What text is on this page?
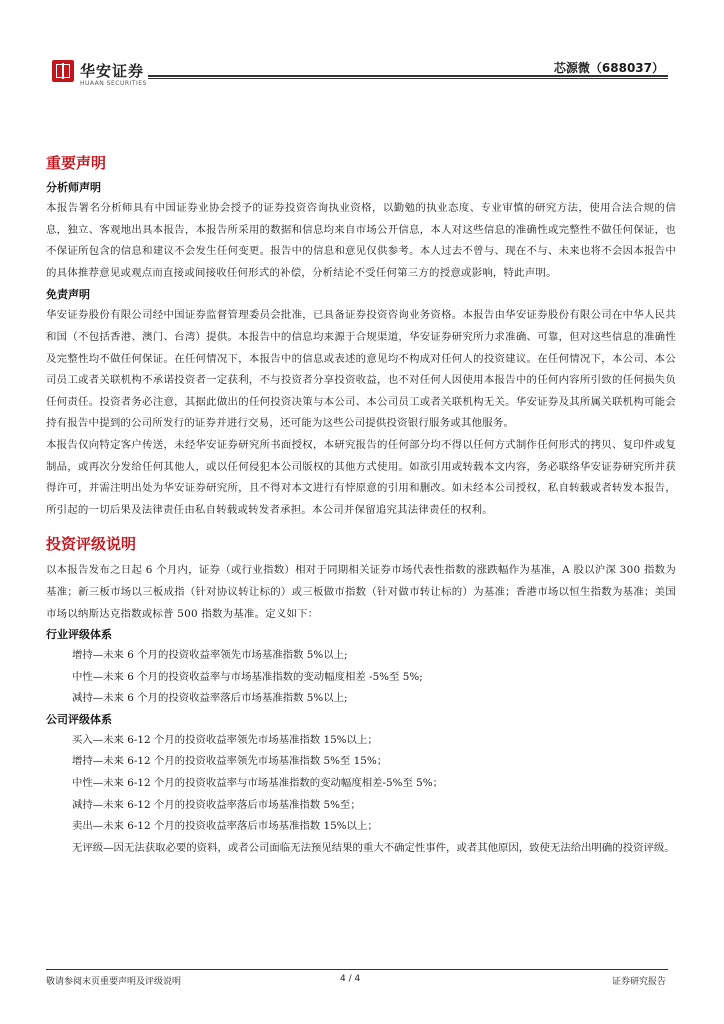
华安证券
HUAAN SECURITIES
芯源微（688037）
重要声明
分析师声明

本报告署名分析师具有中国证券业协会授予的证券投资咨询执业资格，以勤勉的执业态度、专业审慎的研究方法，使用合法合规的信息，独立、客观地出具本报告，本报告所采用的数据和信息均来自市场公开信息，本人对这些信息的准确性或完整性不做任何保证，也不保证所包含的信息和建议不会发生任何变更。报告中的信息和意见仅供参考。本人过去不曾与、现在不与、未来也将不会因本报告中的具体推荐意见或观点而直接或间接收任何形式的补偿，分析结论不受任何第三方的授意或影响，特此声明。

免责声明

华安证券股份有限公司经中国证券监督管理委员会批准，已具备证券投资咨询业务资格。本报告由华安证券股份有限公司在中华人民共和国（不包括香港、澳门、台湾）提供。本报告中的信息均来源于合规渠道，华安证券研究所力求准确、可靠，但对这些信息的准确性及完整性均不做任何保证。在任何情况下，本报告中的信息或表述的意见均不构成对任何人的投资建议。在任何情况下，本公司、本公司员工或者关联机构不承诺投资者一定获利，不与投资者分享投资收益，也不对任何人因使用本报告中的任何内容所引致的任何损失负任何责任。投资者务必注意，其据此做出的任何投资决策与本公司、本公司员工或者关联机构无关。华安证券及其所属关联机构可能会持有报告中提到的公司所发行的证券并进行交易，还可能为这些公司提供投资银行服务或其他服务。

本报告仅向特定客户传送，未经华安证券研究所书面授权，本研究报告的任何部分均不得以任何方式制作任何形式的拷贝、复印件或复制品，或再次分发给任何其他人，或以任何侵犯本公司版权的其他方式使用。如欲引用或转载本文内容，务必联络华安证券研究所并获得许可，并需注明出处为华安证券研究所，且不得对本文进行有悖原意的引用和删改。如未经本公司授权，私自转载或者转发本报告，所引起的一切后果及法律责任由私自转载或转发者承担。本公司并保留追究其法律责任的权利。

投资评级说明

以本报告发布之日起 6 个月内，证券（或行业指数）相对于同期相关证券市场代表性指数的涨跌幅作为基准，A 股以沪深 300 指数为基准；新三板市场以三板成指（针对协议转让标的）或三板做市指数（针对做市转让标的）为基准；香港市场以恒生指数为基准；美国市场以纳斯达克指数或标普 500 指数为基准。定义如下：

行业评级体系

增持—未来 6 个月的投资收益率领先市场基准指数 5%以上;

中性—未来 6 个月的投资收益率与市场基准指数的变动幅度相差 -5%至 5%;

减持—未来 6 个月的投资收益率落后市场基准指数 5%以上;

公司评级体系

买入—未来 6-12 个月的投资收益率领先市场基准指数 15%以上；

增持—未来 6-12 个月的投资收益率领先市场基准指数 5%至 15%；

中性—未来 6-12 个月的投资收益率与市场基准指数的变动幅度相差-5%至 5%；

减持—未来 6-12 个月的投资收益率落后市场基准指数 5%至；

卖出—未来 6-12 个月的投资收益率落后市场基准指数 15%以上；

无评级—因无法获取必要的资料，或者公司面临无法预见结果的重大不确定性事件，或者其他原因，致使无法给出明确的投资评级。

敬请参阅末页重要声明及评级说明	4 / 4	证券研究报告
